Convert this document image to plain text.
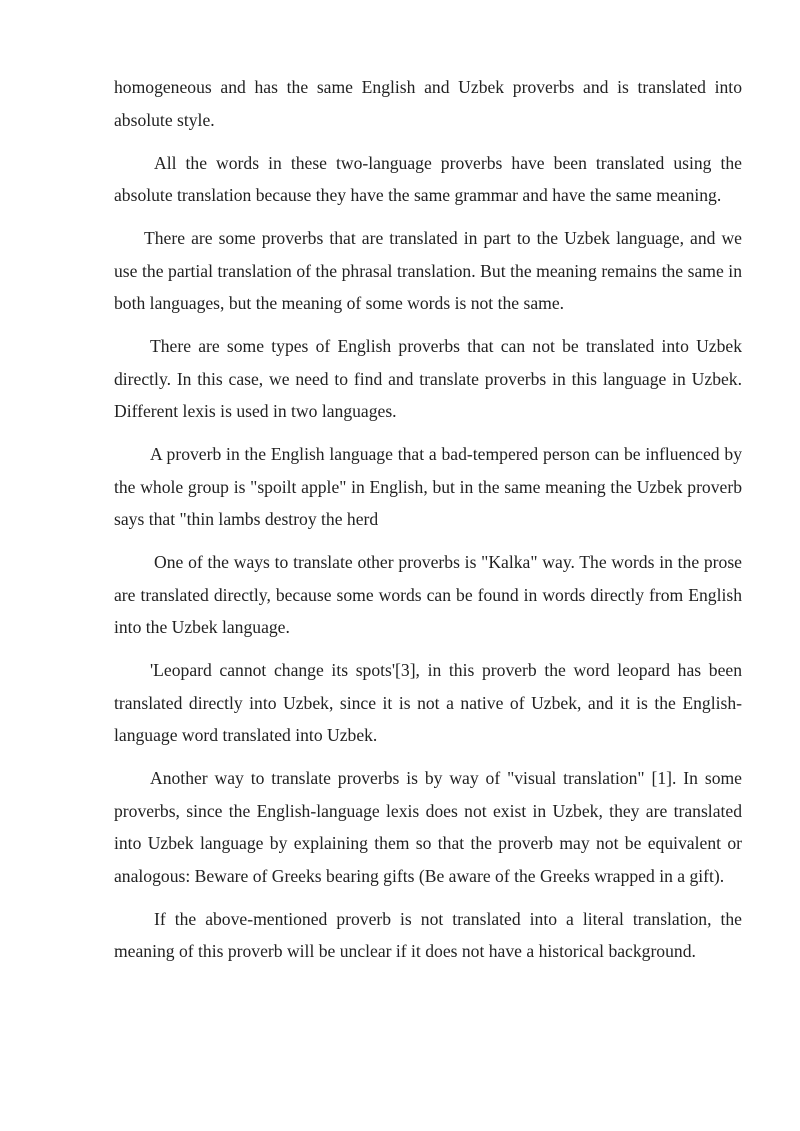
homogeneous and has the same English and Uzbek proverbs and is translated into absolute style.

All the words in these two-language proverbs have been translated using the absolute translation because they have the same grammar and have the same meaning.

There are some proverbs that are translated in part to the Uzbek language, and we use the partial translation of the phrasal translation. But the meaning remains the same in both languages, but the meaning of some words is not the same.

There are some types of English proverbs that can not be translated into Uzbek directly. In this case, we need to find and translate proverbs in this language in Uzbek. Different lexis is used in two languages.

A proverb in the English language that a bad-tempered person can be influenced by the whole group is "spoilt apple" in English, but in the same meaning the Uzbek proverb says that "thin lambs destroy the herd

One of the ways to translate other proverbs is "Kalka" way. The words in the prose are translated directly, because some words can be found in words directly from English into the Uzbek language.

'Leopard cannot change its spots'[3], in this proverb the word leopard has been translated directly into Uzbek, since it is not a native of Uzbek, and it is the English-language word translated into Uzbek.

Another way to translate proverbs is by way of "visual translation" [1]. In some proverbs, since the English-language lexis does not exist in Uzbek, they are translated into Uzbek language by explaining them so that the proverb may not be equivalent or analogous: Beware of Greeks bearing gifts (Be aware of the Greeks wrapped in a gift).

If the above-mentioned proverb is not translated into a literal translation, the meaning of this proverb will be unclear if it does not have a historical background.
